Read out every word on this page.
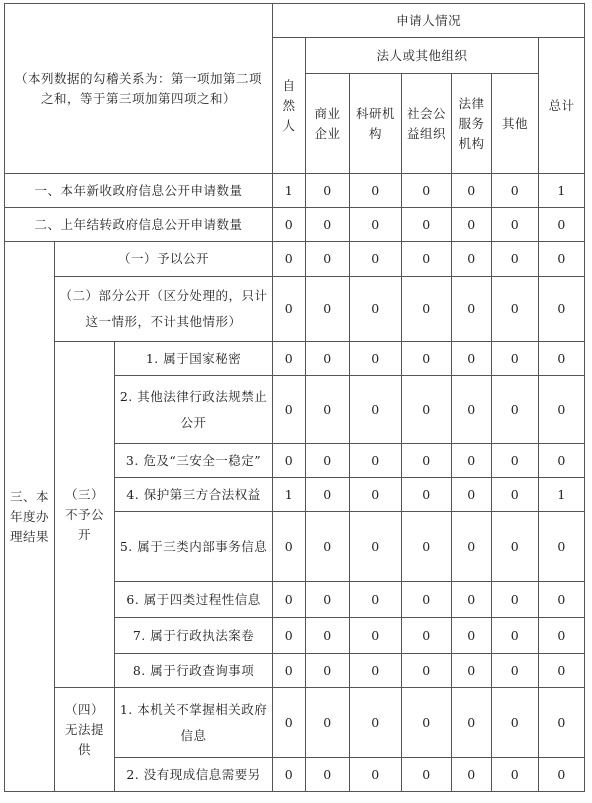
（本列数据的勾稽关系为：第一项加第二项之和，等于第三项加第四项之和）			申请人情况						
			自然人	法人或其他组织					总计
				商业企业	科研机构	社会公益组织	法律服务机构	其他	
一、本年新收政府信息公开申请数量			1	0	0	0	0	0	1
二、上年结转政府信息公开申请数量			0	0	0	0	0	0	0
三、本年度办理结果	（一）予以公开		0	0	0	0	0	0	0
	（二）部分公开（区分处理的，只计这一情形，不计其他情形）		0	0	0	0	0	0	0
	（三）不予公开	1. 属于国家秘密	0	0	0	0	0	0	0
		2. 其他法律行政法规禁止公开	0	0	0	0	0	0	0
		3. 危及“三安全一稳定”	0	0	0	0	0	0	0
		4. 保护第三方合法权益	1	0	0	0	0	0	1
		5. 属于三类内部事务信息	0	0	0	0	0	0	0
		6. 属于四类过程性信息	0	0	0	0	0	0	0
		7. 属于行政执法案卷	0	0	0	0	0	0	0
		8. 属于行政查询事项	0	0	0	0	0	0	0
	（四）无法提供	1. 本机关不掌握相关政府信息	0	0	0	0	0	0	0
		2. 没有现成信息需要另	0	0	0	0	0	0	0
